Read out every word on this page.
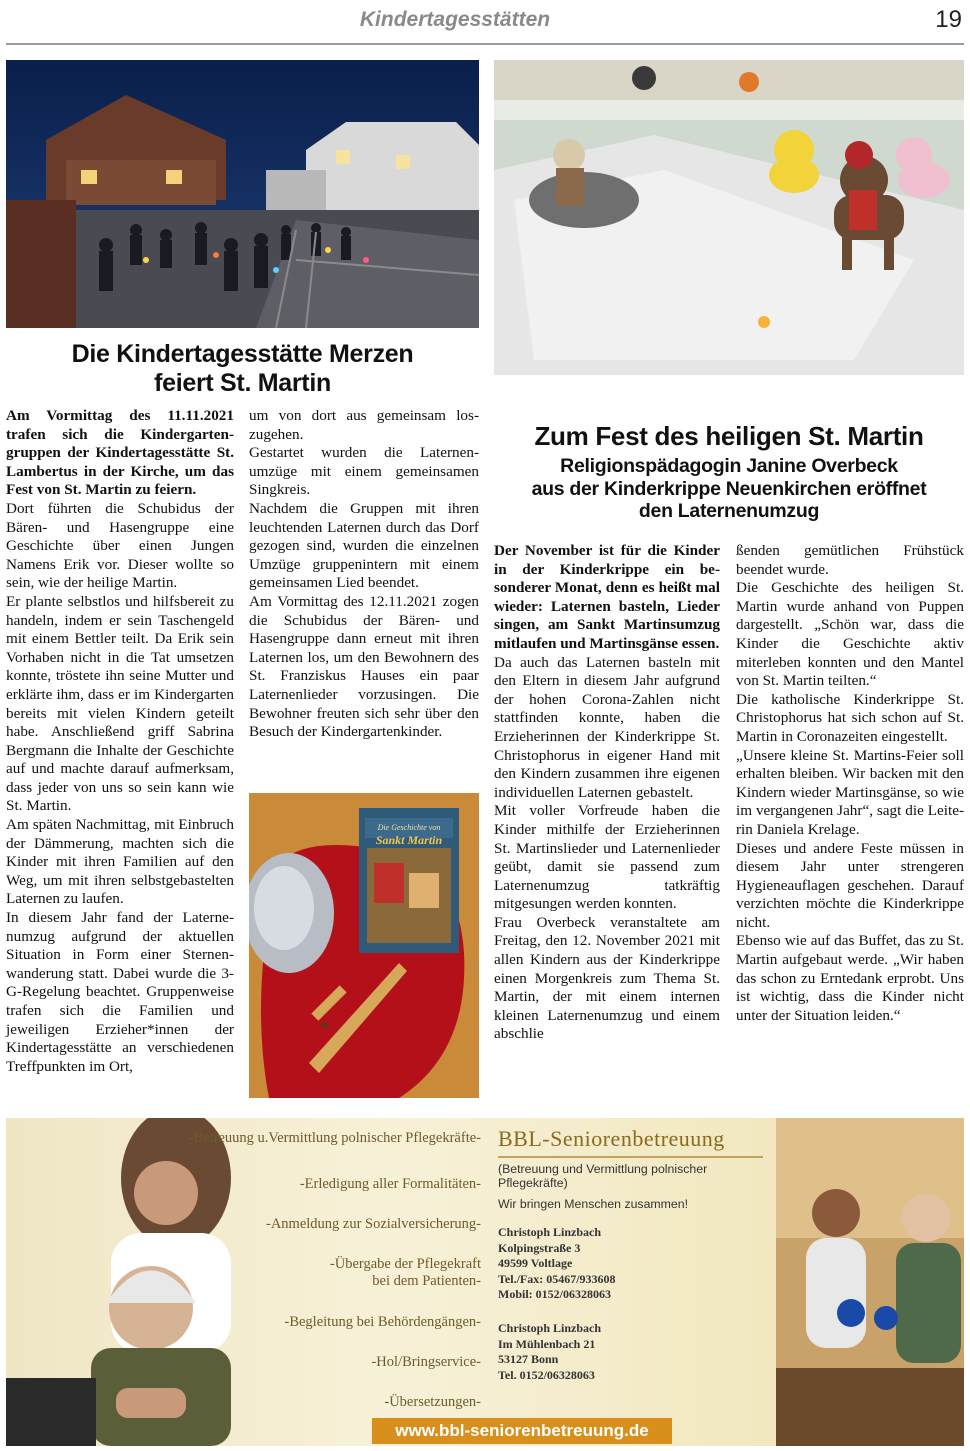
Kindertagesstätten	19
Die Kindertagesstätte Merzen
feiert St. Martin

Am Vormittag des 11.11.2021 trafen sich die Kindergartengruppen der Kindertagesstätte St. Lambertus in der Kirche, um das Fest von St. Martin zu feiern.

Dort führten die Schubidus der Bären- und Hasengruppe eine Geschichte über einen Jungen Namens Erik vor. Dieser wollte so sein, wie der heilige Martin.

Er plante selbstlos und hilfsbereit zu handeln, indem er sein Taschengeld mit einem Bettler teilt. Da Erik sein Vorhaben nicht in die Tat umsetzen konnte, tröstete ihn seine Mutter und erklärte ihm, dass er im Kindergarten bereits mit vielen Kindern geteilt habe. Anschließend griff Sabrina Bergmann die Inhalte der Geschichte auf und machte darauf aufmerksam, dass jeder von uns so sein kann wie St. Martin.

Am späten Nachmittag, mit Einbruch der Dämmerung, machten sich die Kinder mit ihren Familien auf den Weg, um mit ihren selbstgebastelten Laternen zu laufen.

In diesem Jahr fand der Laternenumzug aufgrund der aktuellen Situation in Form einer Sternenwanderung statt. Dabei wurde die 3- G-Regelung beachtet. Gruppenweise trafen sich die Familien und jeweiligen Erzieher*innen der Kindertagesstätte an verschiedenen Treffpunkten im Ort,

um von dort aus gemeinsam loszugehen.

Gestartet wurden die Laternenumzüge mit einem gemeinsamen Singkreis.

Nachdem die Gruppen mit ihren leuchtenden Laternen durch das Dorf gezogen sind, wurden die einzelnen Umzüge gruppenintern mit einem gemeinsamen Lied beendet.

Am Vormittag des 12.11.2021 zogen die Schubidus der Bären- und Hasengruppe dann erneut mit ihren Laternen los, um den Bewohnern des St. Franziskus Hauses ein paar Laternenlieder vorzusingen. Die Bewohner freuten sich sehr über den Besuch der Kindergartenkinder.

Die Geschichte von
Sankt Martin
Zum Fest des heiligen St. Martin
Religionspädagogin Janine Overbeck
aus der Kinderkrippe Neuenkirchen eröffnet
den Laternenumzug

Der November ist für die Kinder in der Kinderkrippe ein besonderer Monat, denn es heißt mal wieder: Laternen basteln, Lieder singen, am Sankt Martinsumzug mitlaufen und Martinsgänse essen.

Da auch das Laternen basteln mit den Eltern in diesem Jahr aufgrund der hohen Corona-Zahlen nicht stattfinden konnte, haben die Erzieherinnen der Kinderkrippe St. Christophorus in eigener Hand mit den Kindern zusammen ihre eigenen individuellen Laternen gebastelt.

Mit voller Vorfreude haben die Kinder mithilfe der Erzieherinnen St. Martinslieder und Laternenlieder geübt, damit sie passend zum Laternenumzug tatkräftig mitgesungen werden konnten.

Frau Overbeck veranstaltete am Freitag, den 12. November 2021 mit allen Kindern aus der Kinderkrippe einen Morgenkreis zum Thema St. Martin, der mit einem internen kleinen Laternenumzug und einem abschlie

ßenden gemütlichen Frühstück beendet wurde.

Die Geschichte des heiligen St. Martin wurde anhand von Puppen dargestellt. „Schön war, dass die Kinder die Geschichte aktiv miterleben konnten und den Mantel von St. Martin teilten.“

Die katholische Kinderkrippe St. Christophorus hat sich schon auf St. Martin in Coronazeiten eingestellt.

„Unsere kleine St. Martins-Feier soll erhalten bleiben. Wir backen mit den Kindern wieder Martinsgänse, so wie im vergangenen Jahr“, sagt die Leiterin Daniela Krelage.

Dieses und andere Feste müssen in diesem Jahr unter strengeren Hygieneauflagen geschehen. Darauf verzichten möchte die Kinderkrippe nicht.

Ebenso wie auf das Buffet, das zu St. Martin aufgebaut werde. „Wir haben das schon zu Erntedank erprobt. Uns ist wichtig, dass die Kinder nicht unter der Situation leiden.“

-Betreuung u.Vermittlung polnischer Pflegekräfte-
-Erledigung aller Formalitäten-
-Anmeldung zur Sozialversicherung-
-Übergabe der Pflegekraft
bei dem Patienten-
-Begleitung bei Behördengängen-
-Hol/Bringservice-
-Übersetzungen-
BBL-Seniorenbetreuung
(Betreuung und Vermittlung polnischer Pflegekräfte)
Wir bringen Menschen zusammen!
Christoph Linzbach
Kolpingstraße 3
49599 Voltlage
Tel./Fax: 05467/933608
Mobil: 0152/06328063
Christoph Linzbach
Im Mühlenbach 21
53127 Bonn
Tel. 0152/06328063
www.bbl-seniorenbetreuung.de
